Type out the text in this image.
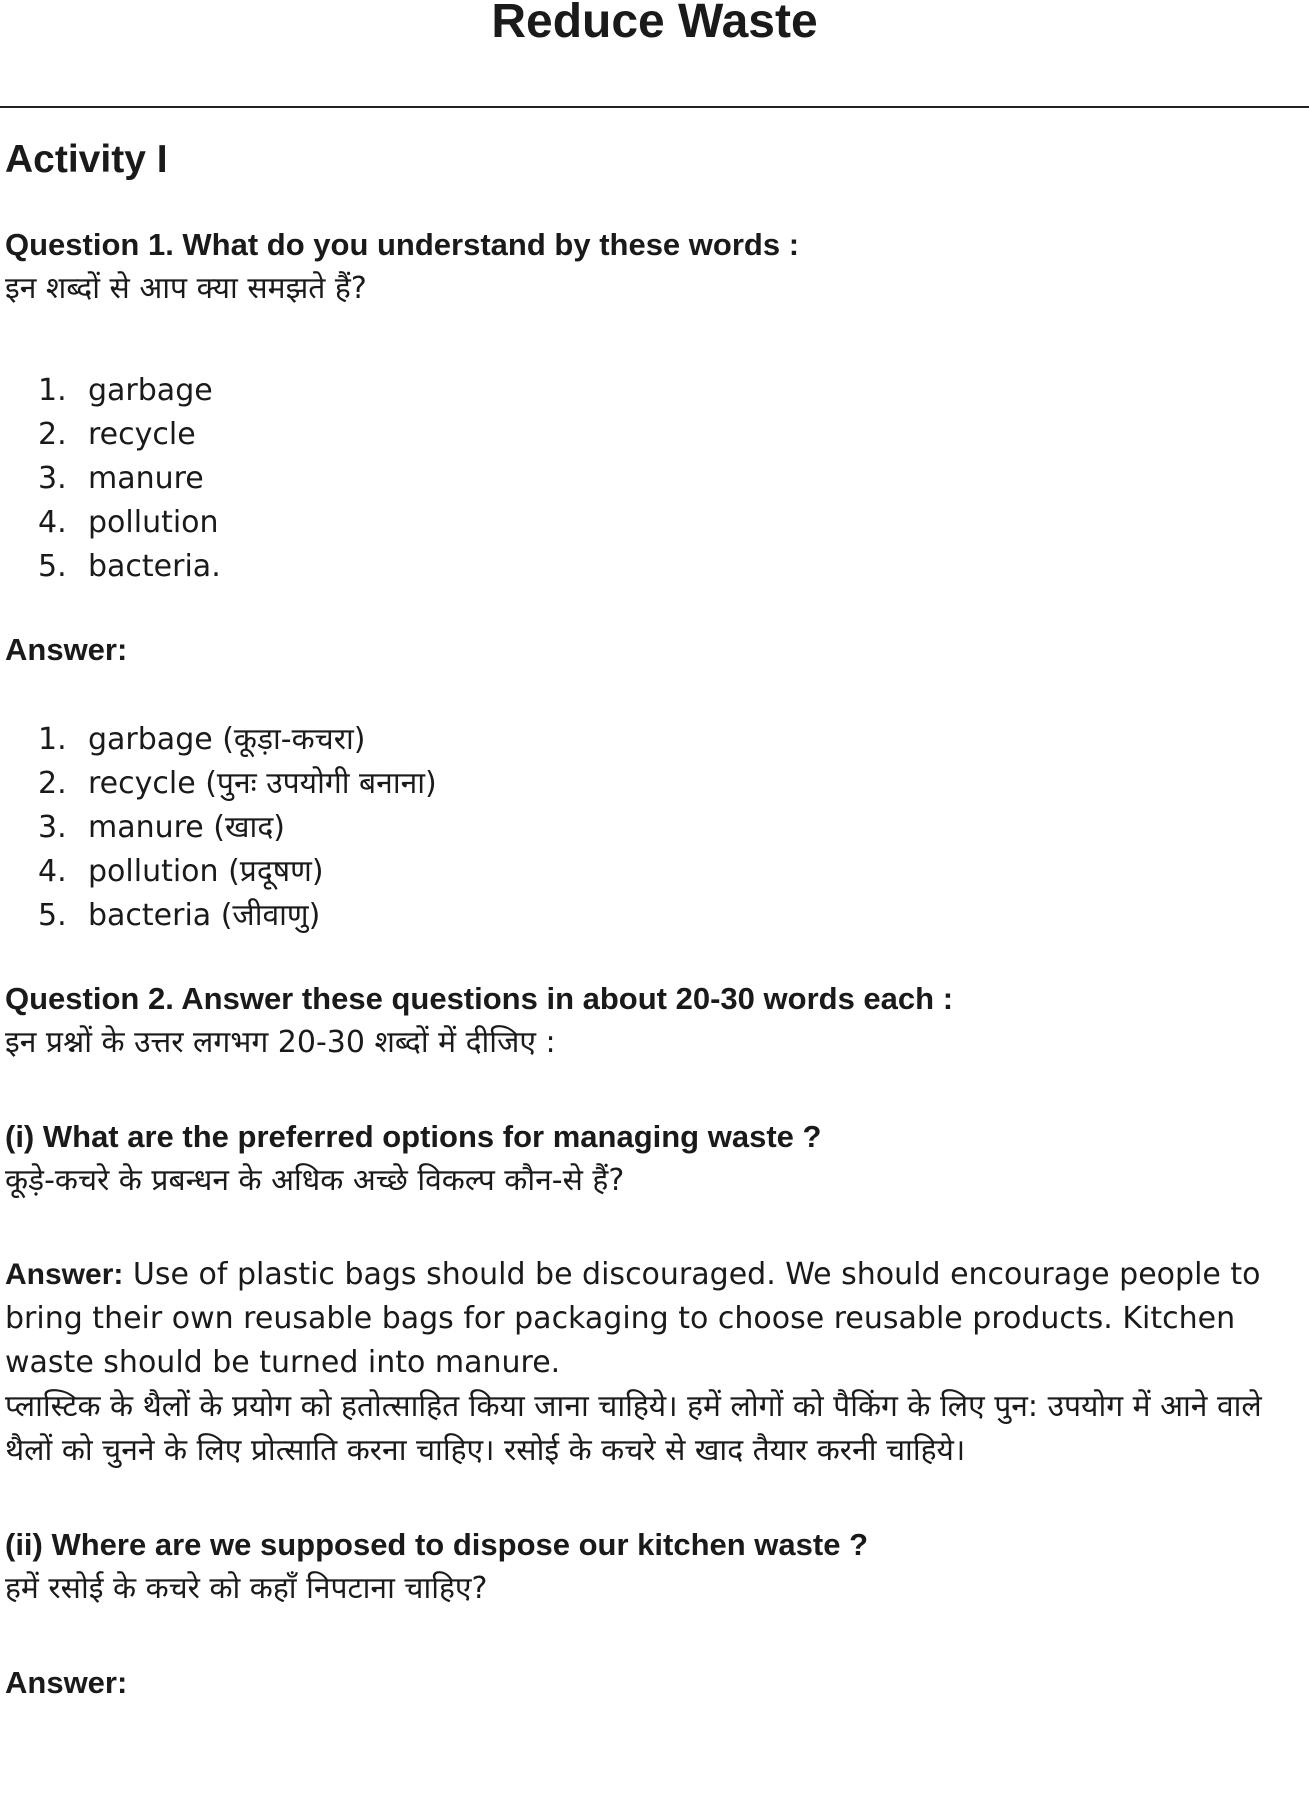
Reduce Waste
Activity I

Question 1. What do you understand by these words :

इन शब्दों से आप क्या समझते हैं?

1. garbage
2. recycle
3. manure
4. pollution
5. bacteria.

Answer:

1. garbage (कूड़ा-कचरा)
2. recycle (पुनः उपयोगी बनाना)
3. manure (खाद)
4. pollution (प्रदूषण)
5. bacteria (जीवाणु)

Question 2. Answer these questions in about 20-30 words each :

इन प्रश्नों के उत्तर लगभग 20-30 शब्दों में दीजिए :

(i) What are the preferred options for managing waste ?

कूड़े-कचरे के प्रबन्धन के अधिक अच्छे विकल्प कौन-से हैं?

Answer: Use of plastic bags should be discouraged. We should encourage people to bring their own reusable bags for packaging to choose reusable products. Kitchen waste should be turned into manure.

प्लास्टिक के थैलों के प्रयोग को हतोत्साहित किया जाना चाहिये। हमें लोगों को पैकिंग के लिए पुन: उपयोग में आने वाले थैलों को चुनने के लिए प्रोत्साति करना चाहिए। रसोई के कचरे से खाद तैयार करनी चाहिये।

(ii) Where are we supposed to dispose our kitchen waste ?

हमें रसोई के कचरे को कहाँ निपटाना चाहिए?

Answer:
